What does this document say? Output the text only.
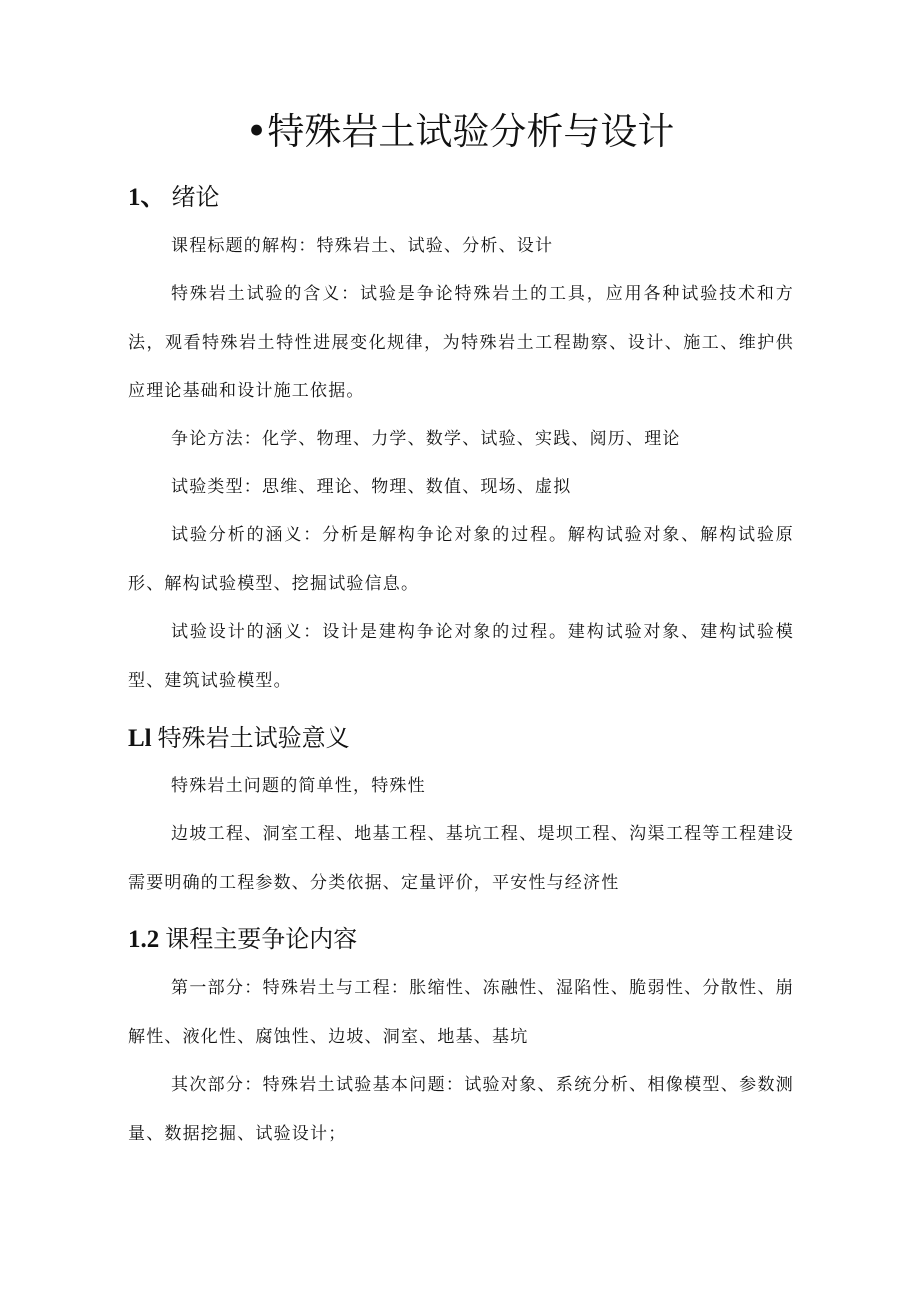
•特殊岩土试验分析与设计
1、 绪论

课程标题的解构：特殊岩土、试验、分析、设计

特殊岩土试验的含义：试验是争论特殊岩土的工具，应用各种试验技术和方法，观看特殊岩土特性进展变化规律，为特殊岩土工程勘察、设计、施工、维护供应理论基础和设计施工依据。

争论方法：化学、物理、力学、数学、试验、实践、阅历、理论

试验类型：思维、理论、物理、数值、现场、虚拟

试验分析的涵义：分析是解构争论对象的过程。解构试验对象、解构试验原形、解构试验模型、挖掘试验信息。

试验设计的涵义：设计是建构争论对象的过程。建构试验对象、建构试验模型、建筑试验模型。

Ll 特殊岩土试验意义

特殊岩土问题的简单性，特殊性

边坡工程、洞室工程、地基工程、基坑工程、堤坝工程、沟渠工程等工程建设需要明确的工程参数、分类依据、定量评价，平安性与经济性

1.2 课程主要争论内容

第一部分：特殊岩土与工程：胀缩性、冻融性、湿陷性、脆弱性、分散性、崩解性、液化性、腐蚀性、边坡、洞室、地基、基坑

其次部分：特殊岩土试验基本问题：试验对象、系统分析、相像模型、参数测量、数据挖掘、试验设计；
